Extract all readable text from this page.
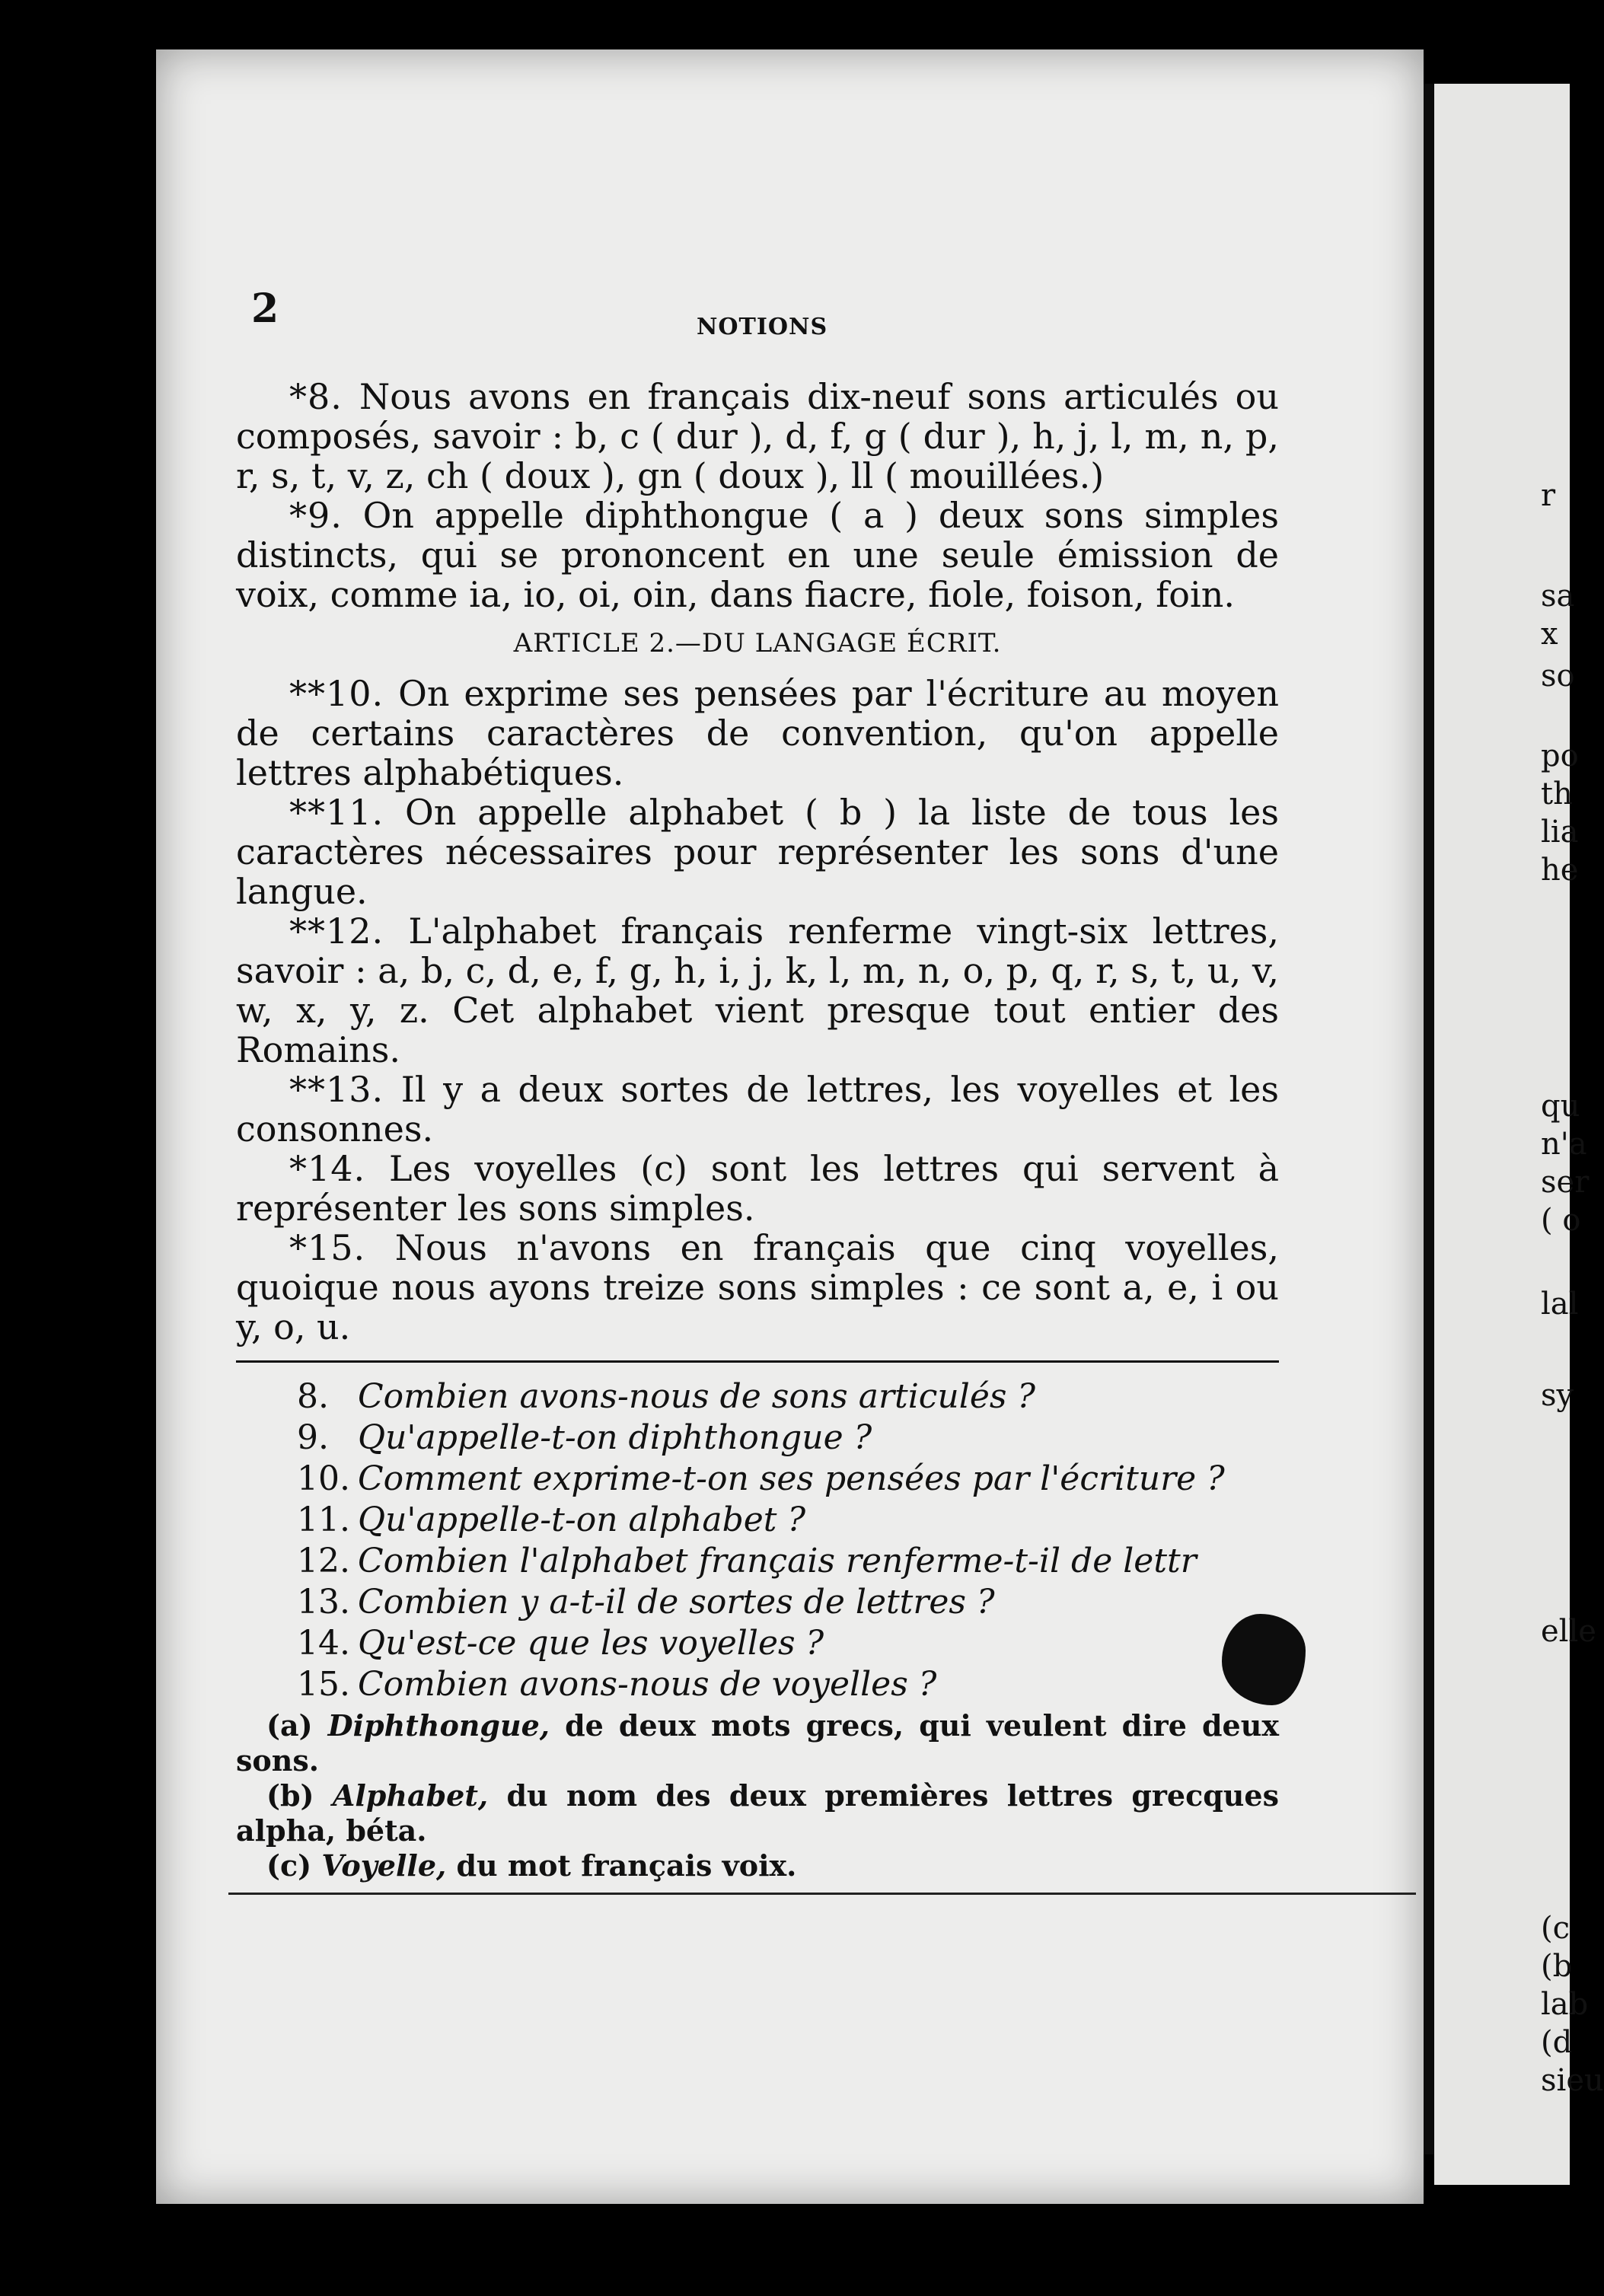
r
sa
x
so
po
th
lia
he
qu
n'a
ser
( o
lal
sy
elle
(c
(b
lab
(d
sieu
2	NOTIONS

*8. Nous avons en français dix-neuf sons articulés ou composés, savoir : b, c ( dur ), d, f, g ( dur ), h, j, l, m, n, p, r, s, t, v, z, ch ( doux ), gn ( doux ), ll ( mouillées.)

*9. On appelle diphthongue ( a ) deux sons simples distincts, qui se prononcent en une seule émission de voix, comme ia, io, oi, oin, dans fiacre, fiole, foison, foin.

ARTICLE 2.—DU LANGAGE ÉCRIT.

**10. On exprime ses pensées par l'écriture au moyen de certains caractères de convention, qu'on appelle lettres alphabétiques.

**11. On appelle alphabet ( b ) la liste de tous les caractères nécessaires pour représenter les sons d'une langue.

**12. L'alphabet français renferme vingt-six lettres, savoir : a, b, c, d, e, f, g, h, i, j, k, l, m, n, o, p, q, r, s, t, u, v, w, x, y, z. Cet alphabet vient presque tout entier des Romains.

**13. Il y a deux sortes de lettres, les voyelles et les consonnes.

*14. Les voyelles (c) sont les lettres qui servent à représenter les sons simples.

*15. Nous n'avons en français que cinq voyelles, quoique nous ayons treize sons simples : ce sont a, e, i ou y, o, u.

8. Combien avons-nous de sons articulés ?
9. Qu'appelle-t-on diphthongue ?
10. Comment exprime-t-on ses pensées par l'écriture ?
11. Qu'appelle-t-on alphabet ?
12. Combien l'alphabet français renferme-t-il de lettr
13. Combien y a-t-il de sortes de lettres ?
14. Qu'est-ce que les voyelles ?
15. Combien avons-nous de voyelles ?

(a) Diphthongue, de deux mots grecs, qui veulent dire deux sons.

(b) Alphabet, du nom des deux premières lettres grecques alpha, béta.

(c) Voyelle, du mot français voix.
